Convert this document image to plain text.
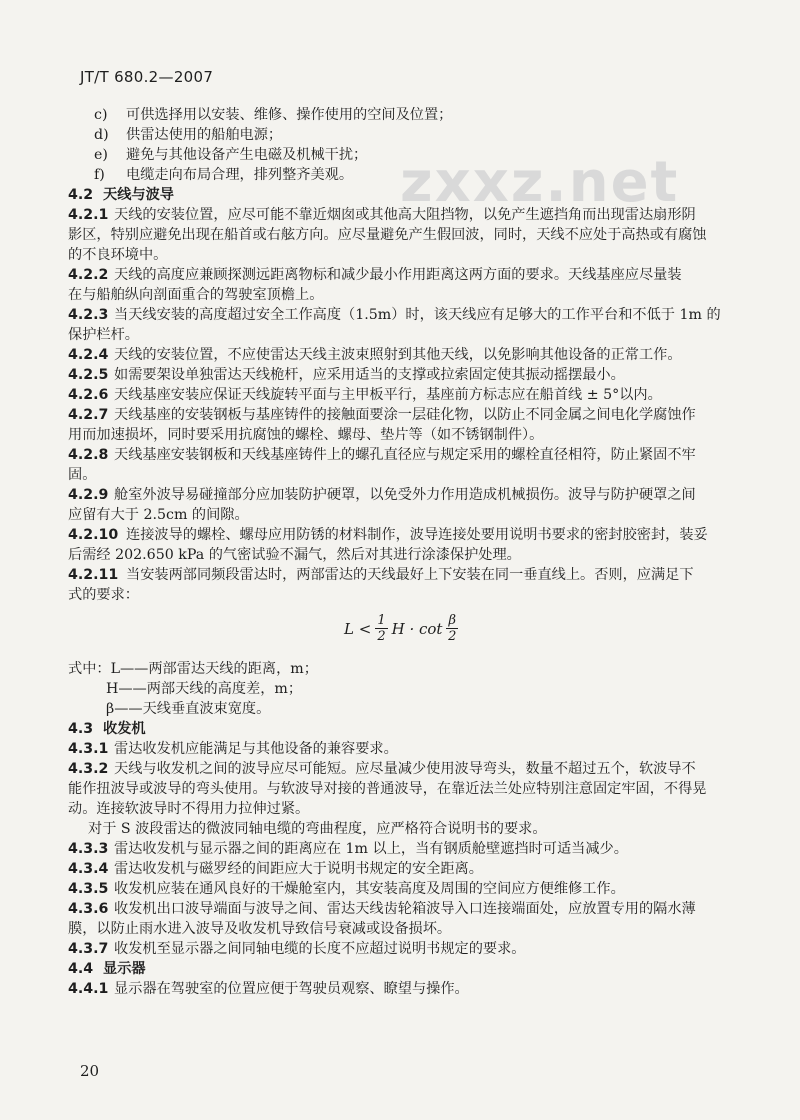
JT/T 680.2—2007
zxxz.net

c) 可供选择用以安装、维修、操作使用的空间及位置；

d) 供雷达使用的船舶电源；

e) 避免与其他设备产生电磁及机械干扰；

f) 电缆走向布局合理，排列整齐美观。

4.2 天线与波导

4.2.1 天线的安装位置，应尽可能不靠近烟囱或其他高大阻挡物，以免产生遮挡角而出现雷达扇形阴

影区，特别应避免出现在船首或右舷方向。应尽量避免产生假回波，同时，天线不应处于高热或有腐蚀

的不良环境中。

4.2.2 天线的高度应兼顾探测远距离物标和减少最小作用距离这两方面的要求。天线基座应尽量装

在与船舶纵向剖面重合的驾驶室顶檐上。

4.2.3 当天线安装的高度超过安全工作高度（1.5m）时，该天线应有足够大的工作平台和不低于 1m 的

保护栏杆。

4.2.4 天线的安装位置，不应使雷达天线主波束照射到其他天线，以免影响其他设备的正常工作。

4.2.5 如需要架设单独雷达天线桅杆，应采用适当的支撑或拉索固定使其振动摇摆最小。

4.2.6 天线基座安装应保证天线旋转平面与主甲板平行，基座前方标志应在船首线 ± 5°以内。

4.2.7 天线基座的安装钢板与基座铸件的接触面要涂一层硅化物，以防止不同金属之间电化学腐蚀作

用而加速损坏，同时要采用抗腐蚀的螺栓、螺母、垫片等（如不锈钢制件）。

4.2.8 天线基座安装钢板和天线基座铸件上的螺孔直径应与规定采用的螺栓直径相符，防止紧固不牢

固。

4.2.9 舱室外波导易碰撞部分应加装防护硬罩，以免受外力作用造成机械损伤。波导与防护硬罩之间

应留有大于 2.5cm 的间隙。

4.2.10 连接波导的螺栓、螺母应用防锈的材料制作，波导连接处要用说明书要求的密封胶密封，装妥

后需经 202.650 kPa 的气密试验不漏气，然后对其进行涂漆保护处理。

4.2.11 当安装两部同频段雷达时，两部雷达的天线最好上下安装在同一垂直线上。否则，应满足下

式的要求：

$L < \frac{1}{2}$ $H \cdot \cot \frac{\beta}{2}$

式中：L——两部雷达天线的距离，m；

H——两部天线的高度差，m；

β——天线垂直波束宽度。

4.3 收发机

4.3.1 雷达收发机应能满足与其他设备的兼容要求。

4.3.2 天线与收发机之间的波导应尽可能短。应尽量减少使用波导弯头，数量不超过五个，软波导不

能作扭波导或波导的弯头使用。与软波导对接的普通波导，在靠近法兰处应特别注意固定牢固，不得晃

动。连接软波导时不得用力拉伸过紧。

对于 S 波段雷达的微波同轴电缆的弯曲程度，应严格符合说明书的要求。

4.3.3 雷达收发机与显示器之间的距离应在 1m 以上，当有钢质舱壁遮挡时可适当减少。

4.3.4 雷达收发机与磁罗经的间距应大于说明书规定的安全距离。

4.3.5 收发机应装在通风良好的干燥舱室内，其安装高度及周围的空间应方便维修工作。

4.3.6 收发机出口波导端面与波导之间、雷达天线齿轮箱波导入口连接端面处，应放置专用的隔水薄

膜，以防止雨水进入波导及收发机导致信号衰减或设备损坏。

4.3.7 收发机至显示器之间同轴电缆的长度不应超过说明书规定的要求。

4.4 显示器

4.4.1 显示器在驾驶室的位置应便于驾驶员观察、瞭望与操作。

20
